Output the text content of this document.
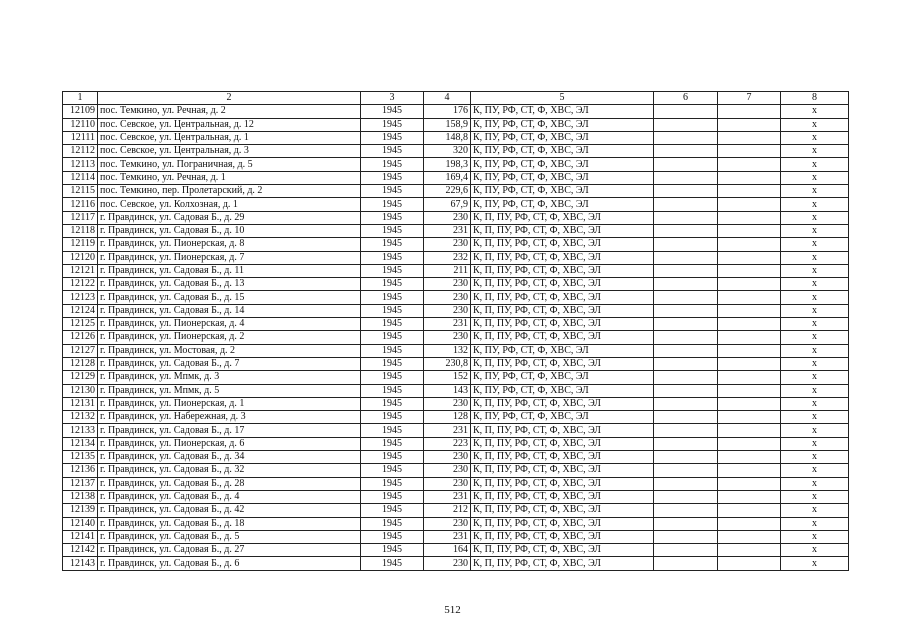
1	2	3	4	5	6	7	8
12109	пос. Темкино, ул. Речная, д. 2	1945	176	К, ПУ, РФ, СТ, Ф, ХВС, ЭЛ			х
12110	пос. Севское, ул. Центральная, д. 12	1945	158,9	К, ПУ, РФ, СТ, Ф, ХВС, ЭЛ			х
12111	пос. Севское, ул. Центральная, д. 1	1945	148,8	К, ПУ, РФ, СТ, Ф, ХВС, ЭЛ			х
12112	пос. Севское, ул. Центральная, д. 3	1945	320	К, ПУ, РФ, СТ, Ф, ХВС, ЭЛ			х
12113	пос. Темкино, ул. Пограничная, д. 5	1945	198,3	К, ПУ, РФ, СТ, Ф, ХВС, ЭЛ			х
12114	пос. Темкино, ул. Речная, д. 1	1945	169,4	К, ПУ, РФ, СТ, Ф, ХВС, ЭЛ			х
12115	пос. Темкино, пер. Пролетарский, д. 2	1945	229,6	К, ПУ, РФ, СТ, Ф, ХВС, ЭЛ			х
12116	пос. Севское, ул. Колхозная, д. 1	1945	67,9	К, ПУ, РФ, СТ, Ф, ХВС, ЭЛ			х
12117	г. Правдинск, ул. Садовая Б., д. 29	1945	230	К, П, ПУ, РФ, СТ, Ф, ХВС, ЭЛ			х
12118	г. Правдинск, ул. Садовая Б., д. 10	1945	231	К, П, ПУ, РФ, СТ, Ф, ХВС, ЭЛ			х
12119	г. Правдинск, ул. Пионерская, д. 8	1945	230	К, П, ПУ, РФ, СТ, Ф, ХВС, ЭЛ			х
12120	г. Правдинск, ул. Пионерская, д. 7	1945	232	К, П, ПУ, РФ, СТ, Ф, ХВС, ЭЛ			х
12121	г. Правдинск, ул. Садовая Б., д. 11	1945	211	К, П, ПУ, РФ, СТ, Ф, ХВС, ЭЛ			х
12122	г. Правдинск, ул. Садовая Б., д. 13	1945	230	К, П, ПУ, РФ, СТ, Ф, ХВС, ЭЛ			х
12123	г. Правдинск, ул. Садовая Б., д. 15	1945	230	К, П, ПУ, РФ, СТ, Ф, ХВС, ЭЛ			х
12124	г. Правдинск, ул. Садовая Б., д. 14	1945	230	К, П, ПУ, РФ, СТ, Ф, ХВС, ЭЛ			х
12125	г. Правдинск, ул. Пионерская, д. 4	1945	231	К, П, ПУ, РФ, СТ, Ф, ХВС, ЭЛ			х
12126	г. Правдинск, ул. Пионерская, д. 2	1945	230	К, П, ПУ, РФ, СТ, Ф, ХВС, ЭЛ			х
12127	г. Правдинск, ул. Мостовая, д. 2	1945	132	К, ПУ, РФ, СТ, Ф, ХВС, ЭЛ			х
12128	г. Правдинск, ул. Садовая Б., д. 7	1945	230,8	К, П, ПУ, РФ, СТ, Ф, ХВС, ЭЛ			х
12129	г. Правдинск, ул. Мпмк, д. 3	1945	152	К, ПУ, РФ, СТ, Ф, ХВС, ЭЛ			х
12130	г. Правдинск, ул. Мпмк, д. 5	1945	143	К, ПУ, РФ, СТ, Ф, ХВС, ЭЛ			х
12131	г. Правдинск, ул. Пионерская, д. 1	1945	230	К, П, ПУ, РФ, СТ, Ф, ХВС, ЭЛ			х
12132	г. Правдинск, ул. Набережная, д. 3	1945	128	К, ПУ, РФ, СТ, Ф, ХВС, ЭЛ			х
12133	г. Правдинск, ул. Садовая Б., д. 17	1945	231	К, П, ПУ, РФ, СТ, Ф, ХВС, ЭЛ			х
12134	г. Правдинск, ул. Пионерская, д. 6	1945	223	К, П, ПУ, РФ, СТ, Ф, ХВС, ЭЛ			х
12135	г. Правдинск, ул. Садовая Б., д. 34	1945	230	К, П, ПУ, РФ, СТ, Ф, ХВС, ЭЛ			х
12136	г. Правдинск, ул. Садовая Б., д. 32	1945	230	К, П, ПУ, РФ, СТ, Ф, ХВС, ЭЛ			х
12137	г. Правдинск, ул. Садовая Б., д. 28	1945	230	К, П, ПУ, РФ, СТ, Ф, ХВС, ЭЛ			х
12138	г. Правдинск, ул. Садовая Б., д. 4	1945	231	К, П, ПУ, РФ, СТ, Ф, ХВС, ЭЛ			х
12139	г. Правдинск, ул. Садовая Б., д. 42	1945	212	К, П, ПУ, РФ, СТ, Ф, ХВС, ЭЛ			х
12140	г. Правдинск, ул. Садовая Б., д. 18	1945	230	К, П, ПУ, РФ, СТ, Ф, ХВС, ЭЛ			х
12141	г. Правдинск, ул. Садовая Б., д. 5	1945	231	К, П, ПУ, РФ, СТ, Ф, ХВС, ЭЛ			х
12142	г. Правдинск, ул. Садовая Б., д. 27	1945	164	К, П, ПУ, РФ, СТ, Ф, ХВС, ЭЛ			х
12143	г. Правдинск, ул. Садовая Б., д. 6	1945	230	К, П, ПУ, РФ, СТ, Ф, ХВС, ЭЛ			х
512
